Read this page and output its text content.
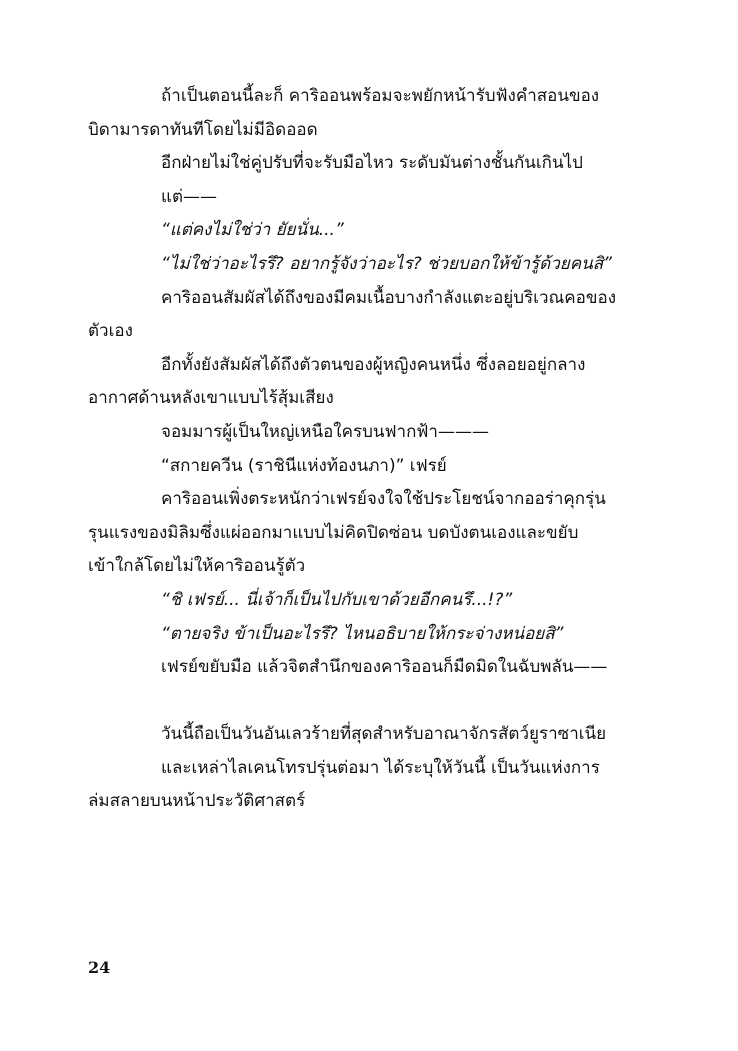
ถ้าเป็นตอนนี้ละก็ คาริออนพร้อมจะพยักหน้ารับฟังคำสอนของ
บิดามารดาทันทีโดยไม่มีอิดออด
อีกฝ่ายไม่ใช่คู่ปรับที่จะรับมือไหว ระดับมันต่างชั้นกันเกินไป
แต่——
“แต่คงไม่ใช่ว่า ยัยนั่น...”
“ไม่ใช่ว่าอะไรรึ? อยากรู้จังว่าอะไร? ช่วยบอกให้ข้ารู้ด้วยคนสิ”
คาริออนสัมผัสได้ถึงของมีคมเนื้อบางกำลังแตะอยู่บริเวณคอของ
ตัวเอง
อีกทั้งยังสัมผัสได้ถึงตัวตนของผู้หญิงคนหนึ่ง ซึ่งลอยอยู่กลาง
อากาศด้านหลังเขาแบบไร้สุ้มเสียง
จอมมารผู้เป็นใหญ่เหนือใครบนฟากฟ้า———
“สกายควีน (ราชินีแห่งท้องนภา)” เฟรย์
คาริออนเพิ่งตระหนักว่าเฟรย์จงใจใช้ประโยชน์จากออร่าคุกรุ่น
รุนแรงของมิลิมซึ่งแผ่ออกมาแบบไม่คิดปิดซ่อน บดบังตนเองและขยับ
เข้าใกล้โดยไม่ให้คาริออนรู้ตัว
“ชิ เฟรย์... นี่เจ้าก็เป็นไปกับเขาด้วยอีกคนรึ...!?”
“ตายจริง ข้าเป็นอะไรรึ? ไหนอธิบายให้กระจ่างหน่อยสิ”
เฟรย์ขยับมือ แล้วจิตสำนึกของคาริออนก็มืดมิดในฉับพลัน——
วันนี้ถือเป็นวันอันเลวร้ายที่สุดสำหรับอาณาจักรสัตว์ยูราซาเนีย
และเหล่าไลเคนโทรปรุ่นต่อมา ได้ระบุให้วันนี้ เป็นวันแห่งการ
ล่มสลายบนหน้าประวัติศาสตร์
24
